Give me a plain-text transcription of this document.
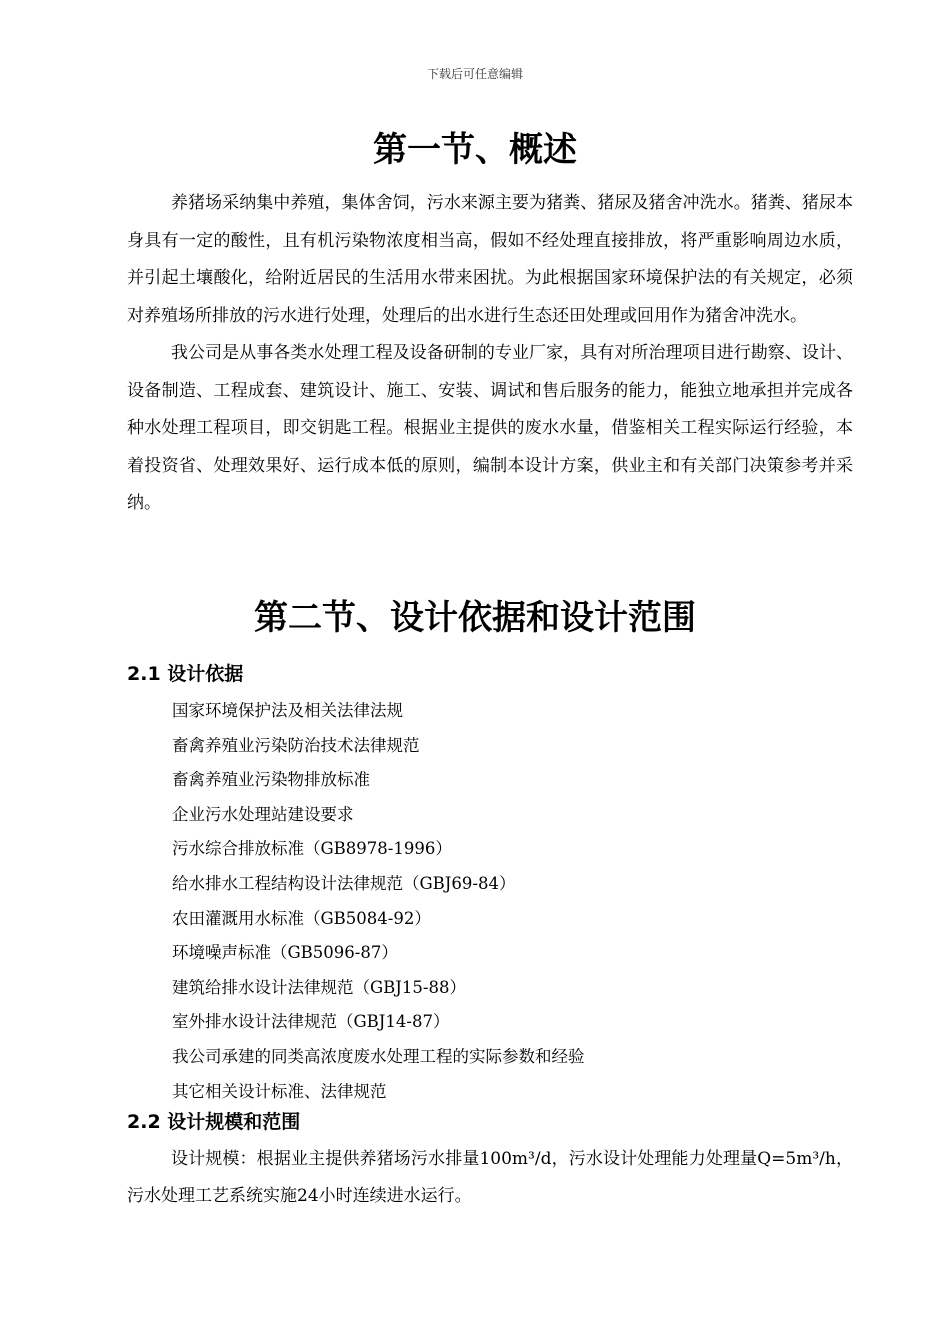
下载后可任意编辑
第一节、概述

养猪场采纳集中养殖，集体舍饲，污水来源主要为猪粪、猪尿及猪舍冲洗水。猪粪、猪尿本身具有一定的酸性，且有机污染物浓度相当高，假如不经处理直接排放，将严重影响周边水质，并引起土壤酸化，给附近居民的生活用水带来困扰。为此根据国家环境保护法的有关规定，必须对养殖场所排放的污水进行处理，处理后的出水进行生态还田处理或回用作为猪舍冲洗水。

我公司是从事各类水处理工程及设备研制的专业厂家，具有对所治理项目进行勘察、设计、设备制造、工程成套、建筑设计、施工、安装、调试和售后服务的能力，能独立地承担并完成各种水处理工程项目，即交钥匙工程。根据业主提供的废水水量，借鉴相关工程实际运行经验，本着投资省、处理效果好、运行成本低的原则，编制本设计方案，供业主和有关部门决策参考并采纳。

第二节、设计依据和设计范围
2.1 设计依据
国家环境保护法及相关法律法规
畜禽养殖业污染防治技术法律规范
畜禽养殖业污染物排放标准
企业污水处理站建设要求
污水综合排放标准（GB8978-1996）
给水排水工程结构设计法律规范（GBJ69-84）
农田灌溉用水标准（GB5084-92）
环境噪声标准（GB5096-87）
建筑给排水设计法律规范（GBJ15-88）
室外排水设计法律规范（GBJ14-87）
我公司承建的同类高浓度废水处理工程的实际参数和经验
其它相关设计标准、法律规范
2.2 设计规模和范围

设计规模：根据业主提供养猪场污水排量100m³/d，污水设计处理能力处理量Q=5m³/h，污水处理工艺系统实施24小时连续进水运行。
